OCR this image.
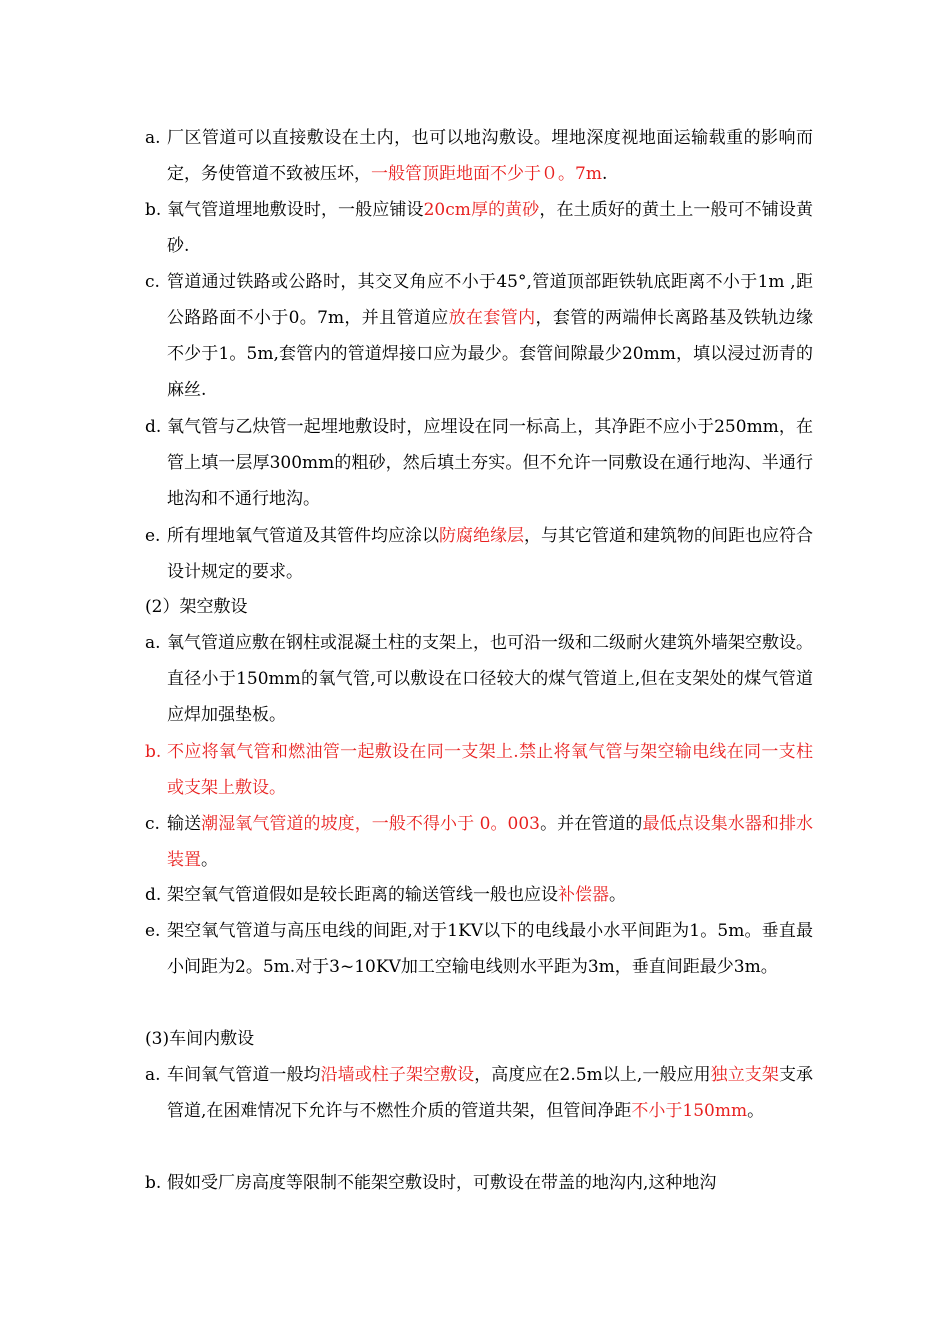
a. 厂区管道可以直接敷设在土内，也可以地沟敷设。埋地深度视地面运输载重的影响而定，务使管道不致被压坏，一般管顶距地面不少于０。7m.
b. 氧气管道埋地敷设时，一般应铺设20cm厚的黄砂，在土质好的黄土上一般可不铺设黄砂.
c. 管道通过铁路或公路时，其交叉角应不小于45°,管道顶部距铁轨底距离不小于1m ,距公路路面不小于0。7m，并且管道应放在套管内，套管的两端伸长离路基及铁轨边缘不少于1。5m,套管内的管道焊接口应为最少。套管间隙最少20mm，填以浸过沥青的麻丝.
d. 氧气管与乙炔管一起埋地敷设时，应埋设在同一标高上，其净距不应小于250mm，在管上填一层厚300mm的粗砂，然后填土夯实。但不允许一同敷设在通行地沟、半通行地沟和不通行地沟。
e. 所有埋地氧气管道及其管件均应涂以防腐绝缘层，与其它管道和建筑物的间距也应符合设计规定的要求。
(2）架空敷设
a. 氧气管道应敷在钢柱或混凝土柱的支架上，也可沿一级和二级耐火建筑外墙架空敷设。直径小于150mm的氧气管,可以敷设在口径较大的煤气管道上,但在支架处的煤气管道应焊加强垫板。
b. 不应将氧气管和燃油管一起敷设在同一支架上.禁止将氧气管与架空输电线在同一支柱或支架上敷设。
c. 输送潮湿氧气管道的坡度，一般不得小于 0。003。并在管道的最低点设集水器和排水装置。
d. 架空氧气管道假如是较长距离的输送管线一般也应设补偿器。
e. 架空氧气管道与高压电线的间距,对于1KV以下的电线最小水平间距为1。5m。垂直最小间距为2。5m.对于3~10KV加工空输电线则水平距为3m，垂直间距最少3m。
(3)车间内敷设
a. 车间氧气管道一般均沿墙或柱子架空敷设，高度应在2.5m以上,一般应用独立支架支承管道,在困难情况下允许与不燃性介质的管道共架，但管间净距不小于150mm。
b. 假如受厂房高度等限制不能架空敷设时，可敷设在带盖的地沟内,这种地沟
